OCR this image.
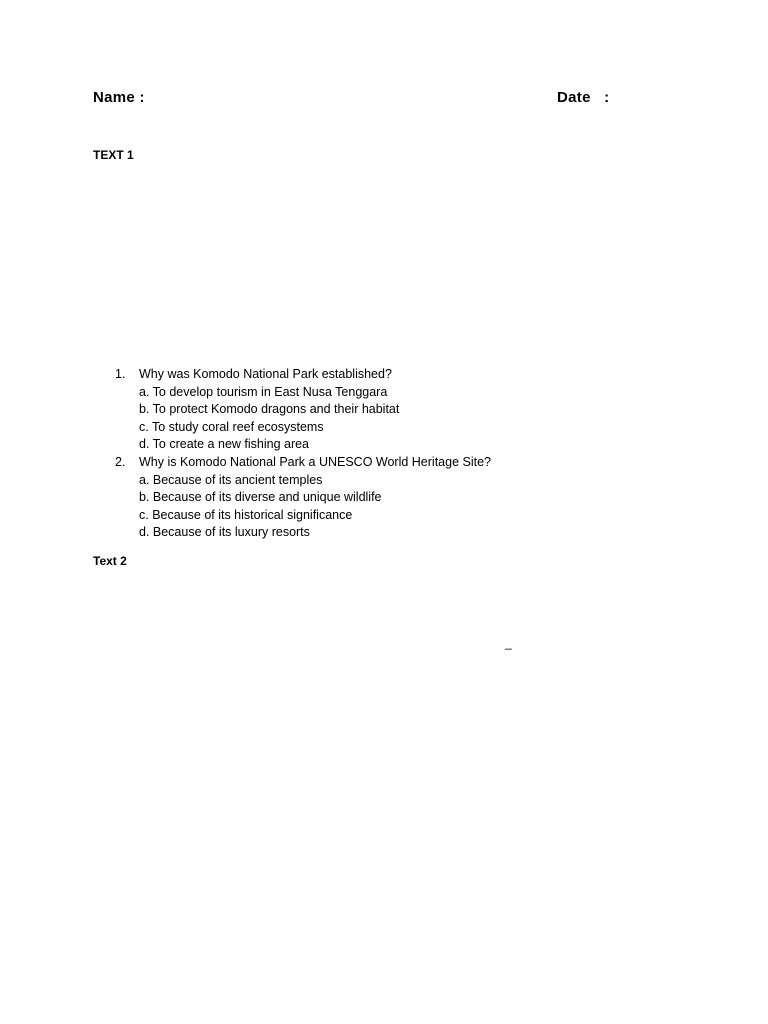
Name :	Date   :
TEXT 1
1. Why was Komodo National Park established?
a. To develop tourism in East Nusa Tenggara
b. To protect Komodo dragons and their habitat
c. To study coral reef ecosystems
d. To create a new fishing area
2. Why is Komodo National Park a UNESCO World Heritage Site?
a. Because of its ancient temples
b. Because of its diverse and unique wildlife
c. Because of its historical significance
d. Because of its luxury resorts
Text 2
_
